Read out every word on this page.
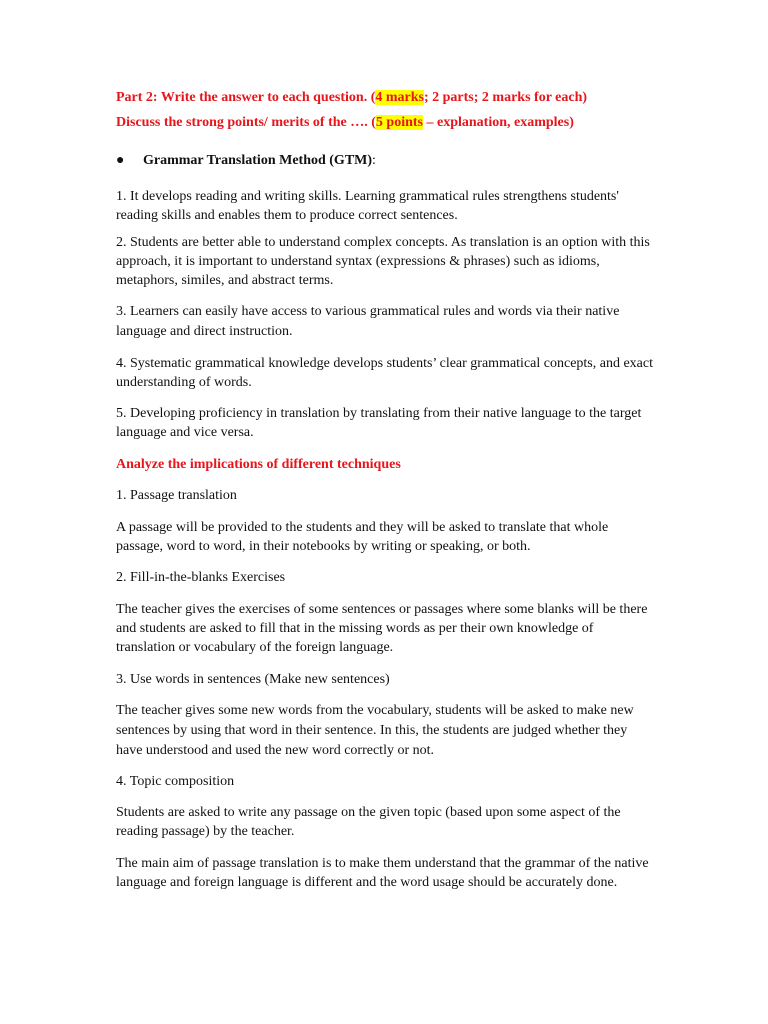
Part 2: Write the answer to each question. (4 marks; 2 parts; 2 marks for each)

Discuss the strong points/ merits of the …. (5 points – explanation, examples)

● Grammar Translation Method (GTM):

1. It develops reading and writing skills. Learning grammatical rules strengthens students' reading skills and enables them to produce correct sentences.

2. Students are better able to understand complex concepts. As translation is an option with this approach, it is important to understand syntax (expressions & phrases) such as idioms, metaphors, similes, and abstract terms.

3. Learners can easily have access to various grammatical rules and words via their native language and direct instruction.

4. Systematic grammatical knowledge develops students’ clear grammatical concepts, and exact understanding of words.

5. Developing proficiency in translation by translating from their native language to the target language and vice versa.

Analyze the implications of different techniques

1. Passage translation

A passage will be provided to the students and they will be asked to translate that whole passage, word to word, in their notebooks by writing or speaking, or both.

2. Fill-in-the-blanks Exercises

The teacher gives the exercises of some sentences or passages where some blanks will be there and students are asked to fill that in the missing words as per their own knowledge of translation or vocabulary of the foreign language.

3. Use words in sentences (Make new sentences)

The teacher gives some new words from the vocabulary, students will be asked to make new sentences by using that word in their sentence. In this, the students are judged whether they have understood and used the new word correctly or not.

4. Topic composition

Students are asked to write any passage on the given topic (based upon some aspect of the reading passage) by the teacher.

The main aim of passage translation is to make them understand that the grammar of the native language and foreign language is different and the word usage should be accurately done.
